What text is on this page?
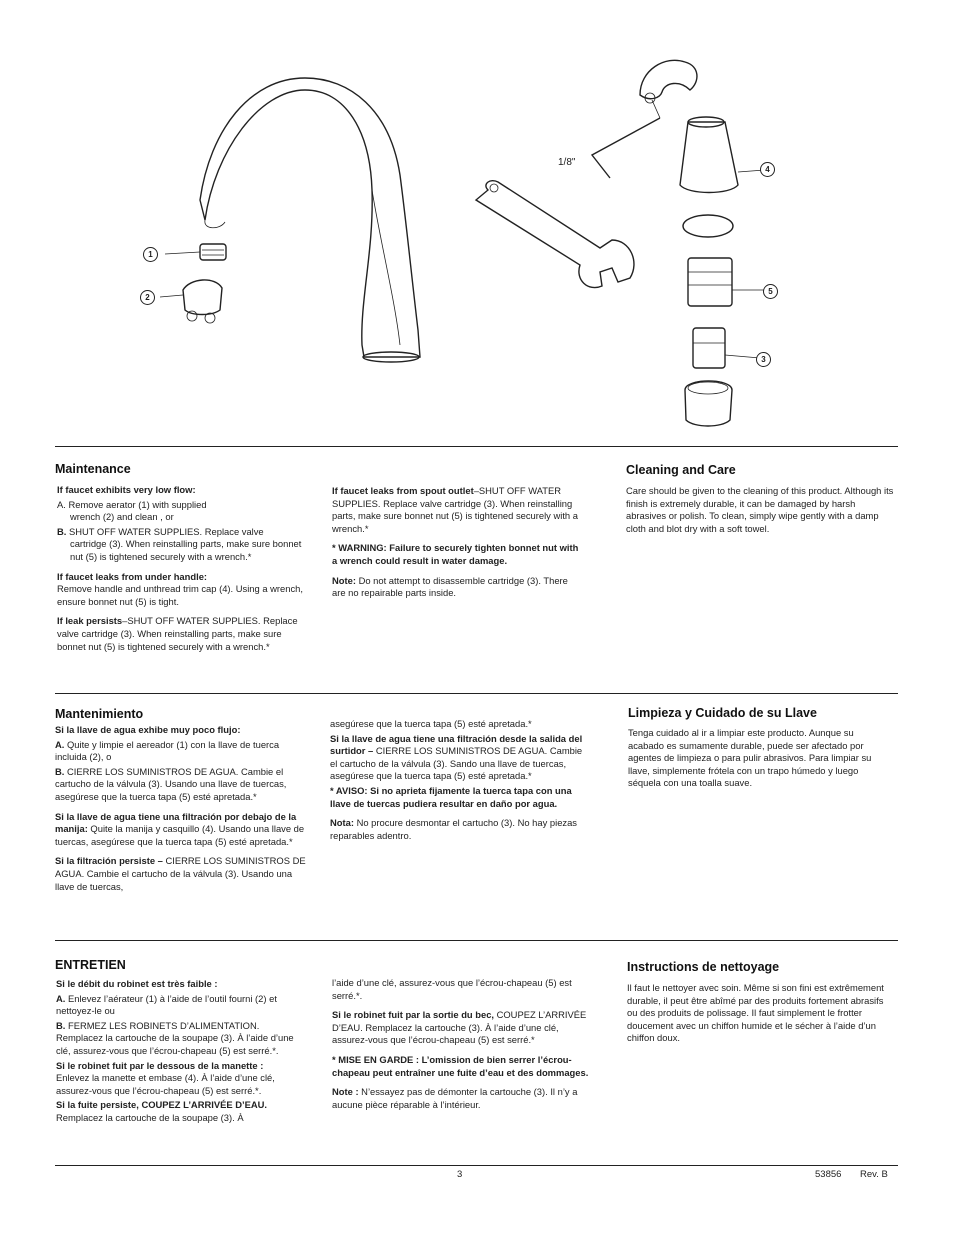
1/8"
1
2
4
5
3
Maintenance

If faucet exhibits very low flow:

A. Remove aerator (1) with supplied
wrench (2) and clean , or

B. SHUT OFF WATER SUPPLIES. Replace valve
cartridge (3). When reinstalling parts, make sure bonnet nut (5) is tightened securely with a wrench.*

If faucet leaks from under handle:
Remove handle and unthread trim cap (4). Using a wrench, ensure bonnet nut (5) is tight.

If leak persists–SHUT OFF WATER SUPPLIES. Replace valve cartridge (3). When reinstalling parts, make sure bonnet nut (5) is tightened securely with a wrench.*

If faucet leaks from spout outlet–SHUT OFF WATER SUPPLIES. Replace valve cartridge (3). When reinstalling parts, make sure bonnet nut (5) is tightened securely with a wrench.*

* WARNING: Failure to securely tighten bonnet nut with a wrench could result in water damage.

Note: Do not attempt to disassemble cartridge (3). There are no repairable parts inside.

Cleaning and Care
Care should be given to the cleaning of this product. Although its finish is extremely durable, it can be damaged by harsh abrasives or polish. To clean, simply wipe gently with a damp cloth and blot dry with a soft towel.
Mantenimiento

Si la llave de agua exhibe muy poco flujo:

A. Quite y limpie el aereador (1) con la llave de tuerca incluida (2), o

B. CIERRE LOS SUMINISTROS DE AGUA. Cambie el cartucho de la válvula (3). Usando una llave de tuercas, asegúrese que la tuerca tapa (5) esté apretada.*

Si la llave de agua tiene una filtración por debajo de la manija: Quite la manija y casquillo (4). Usando una llave de tuercas, asegúrese que la tuerca tapa (5) esté apretada.*

Si la filtración persiste – CIERRE LOS SUMINISTROS DE AGUA. Cambie el cartucho de la válvula (3). Usando una llave de tuercas,

asegúrese que la tuerca tapa (5) esté apretada.*

Si la llave de agua tiene una filtración desde la salida del surtidor – CIERRE LOS SUMINISTROS DE AGUA. Cambie el cartucho de la válvula (3). Sando una llave de tuercas, asegúrese que la tuerca tapa (5) esté apretada.*

* AVISO: Si no aprieta fijamente la tuerca tapa con una llave de tuercas pudiera resultar en daño por agua.

Nota: No procure desmontar el cartucho (3). No hay piezas reparables adentro.

Limpieza y Cuidado de su Llave
Tenga cuidado al ir a limpiar este producto. Aunque su acabado es sumamente durable, puede ser afectado por agentes de limpieza o para pulir abrasivos. Para limpiar su llave, simplemente frótela con un trapo húmedo y luego séquela con una toalla suave.
ENTRETIEN

Si le débit du robinet est très faible :

A. Enlevez l’aérateur (1) à l’aide de l’outil fourni (2) et nettoyez-le ou

B. FERMEZ LES ROBINETS D’ALIMENTATION. Remplacez la cartouche de la soupape (3). À l’aide d’une clé, assurez-vous que l’écrou-chapeau (5) est serré.*.

Si le robinet fuit par le dessous de la manette :
Enlevez la manette et embase (4). À l’aide d’une clé, assurez-vous que l’écrou-chapeau (5) est serré.*.

Si la fuite persiste, COUPEZ L’ARRIVÉE D’EAU.
Remplacez la cartouche de la soupape (3). À

l’aide d’une clé, assurez-vous que l’écrou-chapeau (5) est serré.*.

Si le robinet fuit par la sortie du bec, COUPEZ L’ARRIVÉE D’EAU. Remplacez la cartouche (3). À l’aide d’une clé, assurez-vous que l’écrou-chapeau (5) est serré.*

* MISE EN GARDE : L’omission de bien serrer l’écrou-chapeau peut entraîner une fuite d’eau et des dommages.

Note : N’essayez pas de démonter la cartouche (3). Il n’y a aucune pièce réparable à l’intérieur.

Instructions de nettoyage
Il faut le nettoyer avec soin. Même si son fini est extrêmement durable, il peut être abîmé par des produits fortement abrasifs ou des produits de polissage. Il faut simplement le frotter doucement avec un chiffon humide et le sécher à l’aide d’un chiffon doux.
3	53856 Rev. B
